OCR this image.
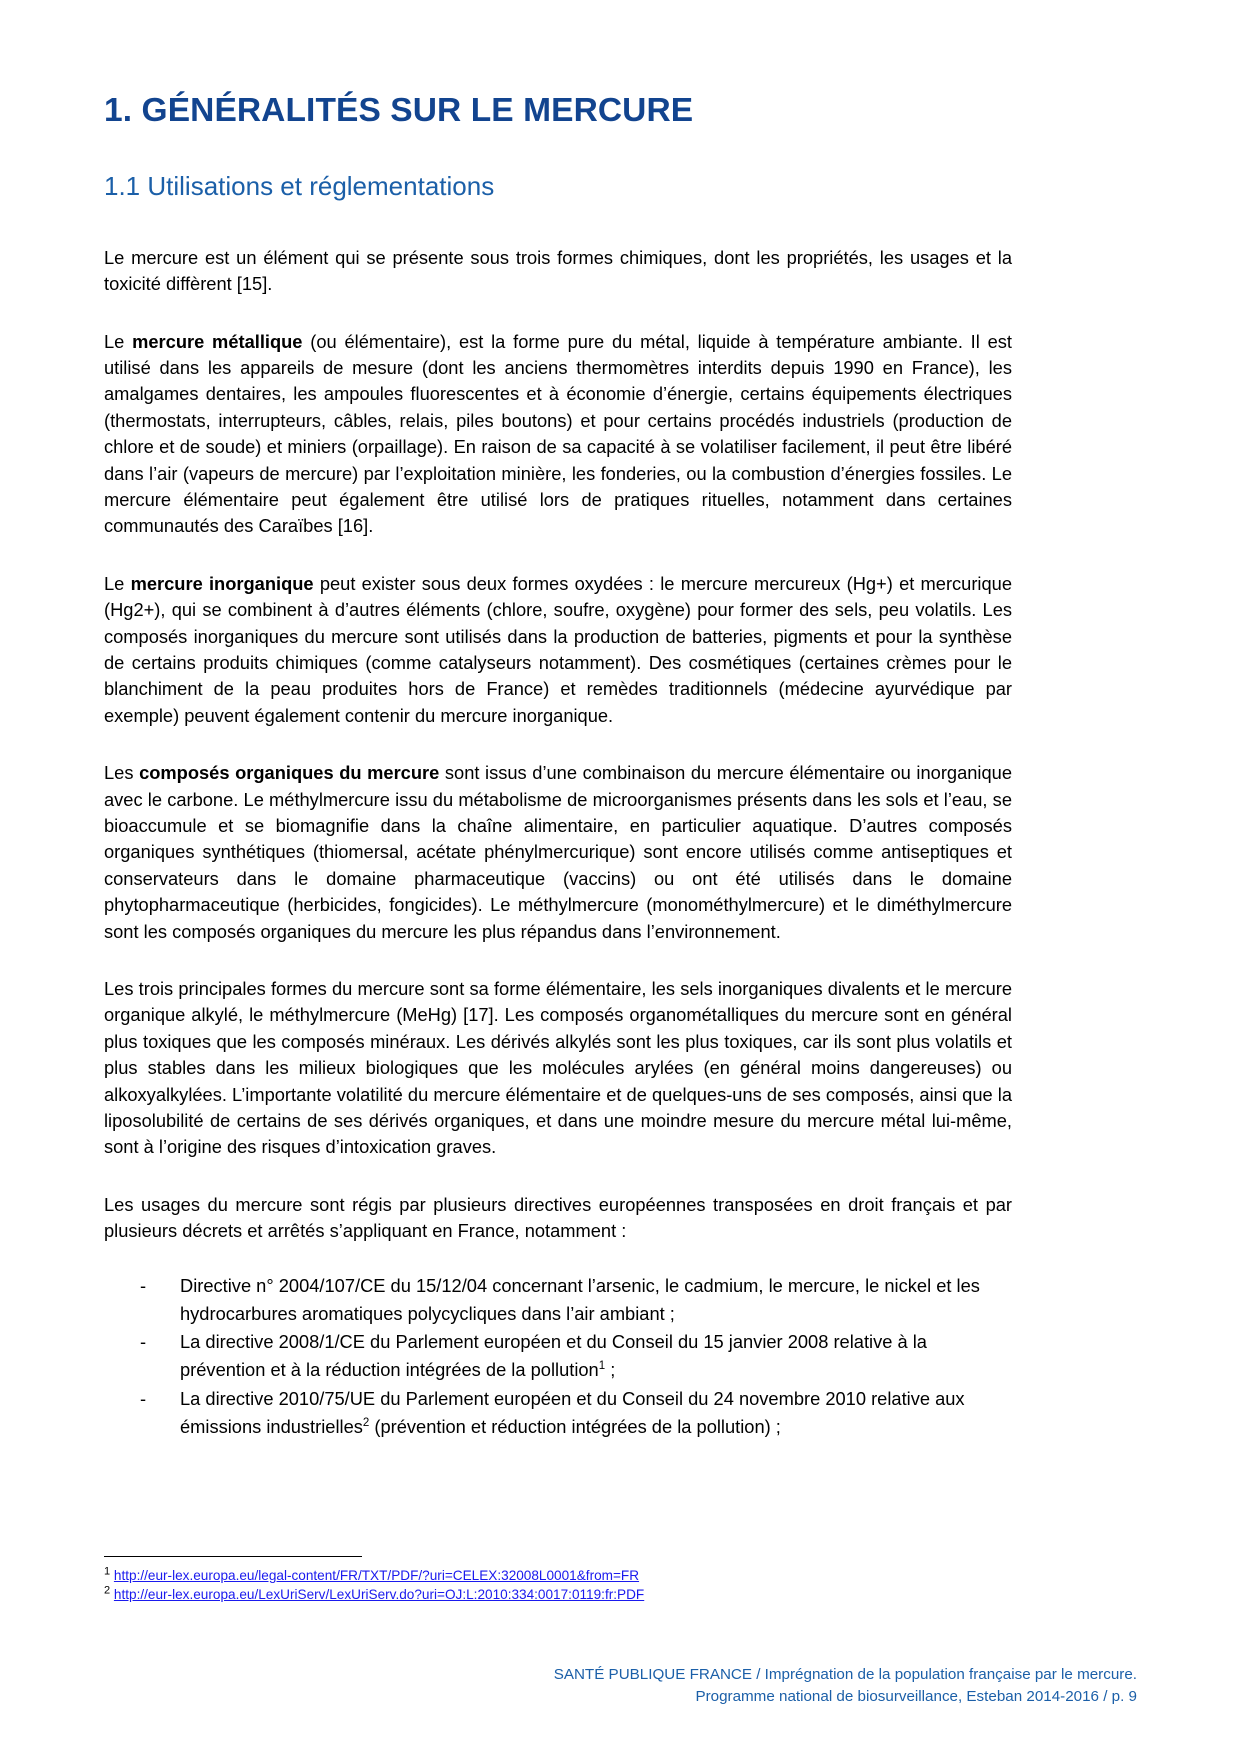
1. GÉNÉRALITÉS SUR LE MERCURE
1.1 Utilisations et réglementations

Le mercure est un élément qui se présente sous trois formes chimiques, dont les propriétés, les usages et la toxicité diffèrent [15].

Le mercure métallique (ou élémentaire), est la forme pure du métal, liquide à température ambiante. Il est utilisé dans les appareils de mesure (dont les anciens thermomètres interdits depuis 1990 en France), les amalgames dentaires, les ampoules fluorescentes et à économie d’énergie, certains équipements électriques (thermostats, interrupteurs, câbles, relais, piles boutons) et pour certains procédés industriels (production de chlore et de soude) et miniers (orpaillage). En raison de sa capacité à se volatiliser facilement, il peut être libéré dans l’air (vapeurs de mercure) par l’exploitation minière, les fonderies, ou la combustion d’énergies fossiles. Le mercure élémentaire peut également être utilisé lors de pratiques rituelles, notamment dans certaines communautés des Caraïbes [16].

Le mercure inorganique peut exister sous deux formes oxydées : le mercure mercureux (Hg+) et mercurique (Hg2+), qui se combinent à d’autres éléments (chlore, soufre, oxygène) pour former des sels, peu volatils. Les composés inorganiques du mercure sont utilisés dans la production de batteries, pigments et pour la synthèse de certains produits chimiques (comme catalyseurs notamment). Des cosmétiques (certaines crèmes pour le blanchiment de la peau produites hors de France) et remèdes traditionnels (médecine ayurvédique par exemple) peuvent également contenir du mercure inorganique.

Les composés organiques du mercure sont issus d’une combinaison du mercure élémentaire ou inorganique avec le carbone. Le méthylmercure issu du métabolisme de microorganismes présents dans les sols et l’eau, se bioaccumule et se biomagnifie dans la chaîne alimentaire, en particulier aquatique. D’autres composés organiques synthétiques (thiomersal, acétate phénylmercurique) sont encore utilisés comme antiseptiques et conservateurs dans le domaine pharmaceutique (vaccins) ou ont été utilisés dans le domaine phytopharmaceutique (herbicides, fongicides). Le méthylmercure (monométhylmercure) et le diméthylmercure sont les composés organiques du mercure les plus répandus dans l’environnement.

Les trois principales formes du mercure sont sa forme élémentaire, les sels inorganiques divalents et le mercure organique alkylé, le méthylmercure (MeHg) [17]. Les composés organométalliques du mercure sont en général plus toxiques que les composés minéraux. Les dérivés alkylés sont les plus toxiques, car ils sont plus volatils et plus stables dans les milieux biologiques que les molécules arylées (en général moins dangereuses) ou alkoxyalkylées. L’importante volatilité du mercure élémentaire et de quelques-uns de ses composés, ainsi que la liposolubilité de certains de ses dérivés organiques, et dans une moindre mesure du mercure métal lui-même, sont à l’origine des risques d’intoxication graves.

Les usages du mercure sont régis par plusieurs directives européennes transposées en droit français et par plusieurs décrets et arrêtés s’appliquant en France, notamment :

- Directive n° 2004/107/CE du 15/12/04 concernant l’arsenic, le cadmium, le mercure, le nickel et les hydrocarbures aromatiques polycycliques dans l’air ambiant ;
- La directive 2008/1/CE du Parlement européen et du Conseil du 15 janvier 2008 relative à la prévention et à la réduction intégrées de la pollution$^1$ ;
- La directive 2010/75/UE du Parlement européen et du Conseil du 24 novembre 2010 relative aux émissions industrielles$^2$ (prévention et réduction intégrées de la pollution) ;

$^1$ http://eur-lex.europa.eu/legal-content/FR/TXT/PDF/?uri=CELEX:32008L0001&from=FR

$^2$ http://eur-lex.europa.eu/LexUriServ/LexUriServ.do?uri=OJ:L:2010:334:0017:0119:fr:PDF

SANTÉ PUBLIQUE FRANCE / Imprégnation de la population française par le mercure.
Programme national de biosurveillance, Esteban 2014-2016 / p. 9
